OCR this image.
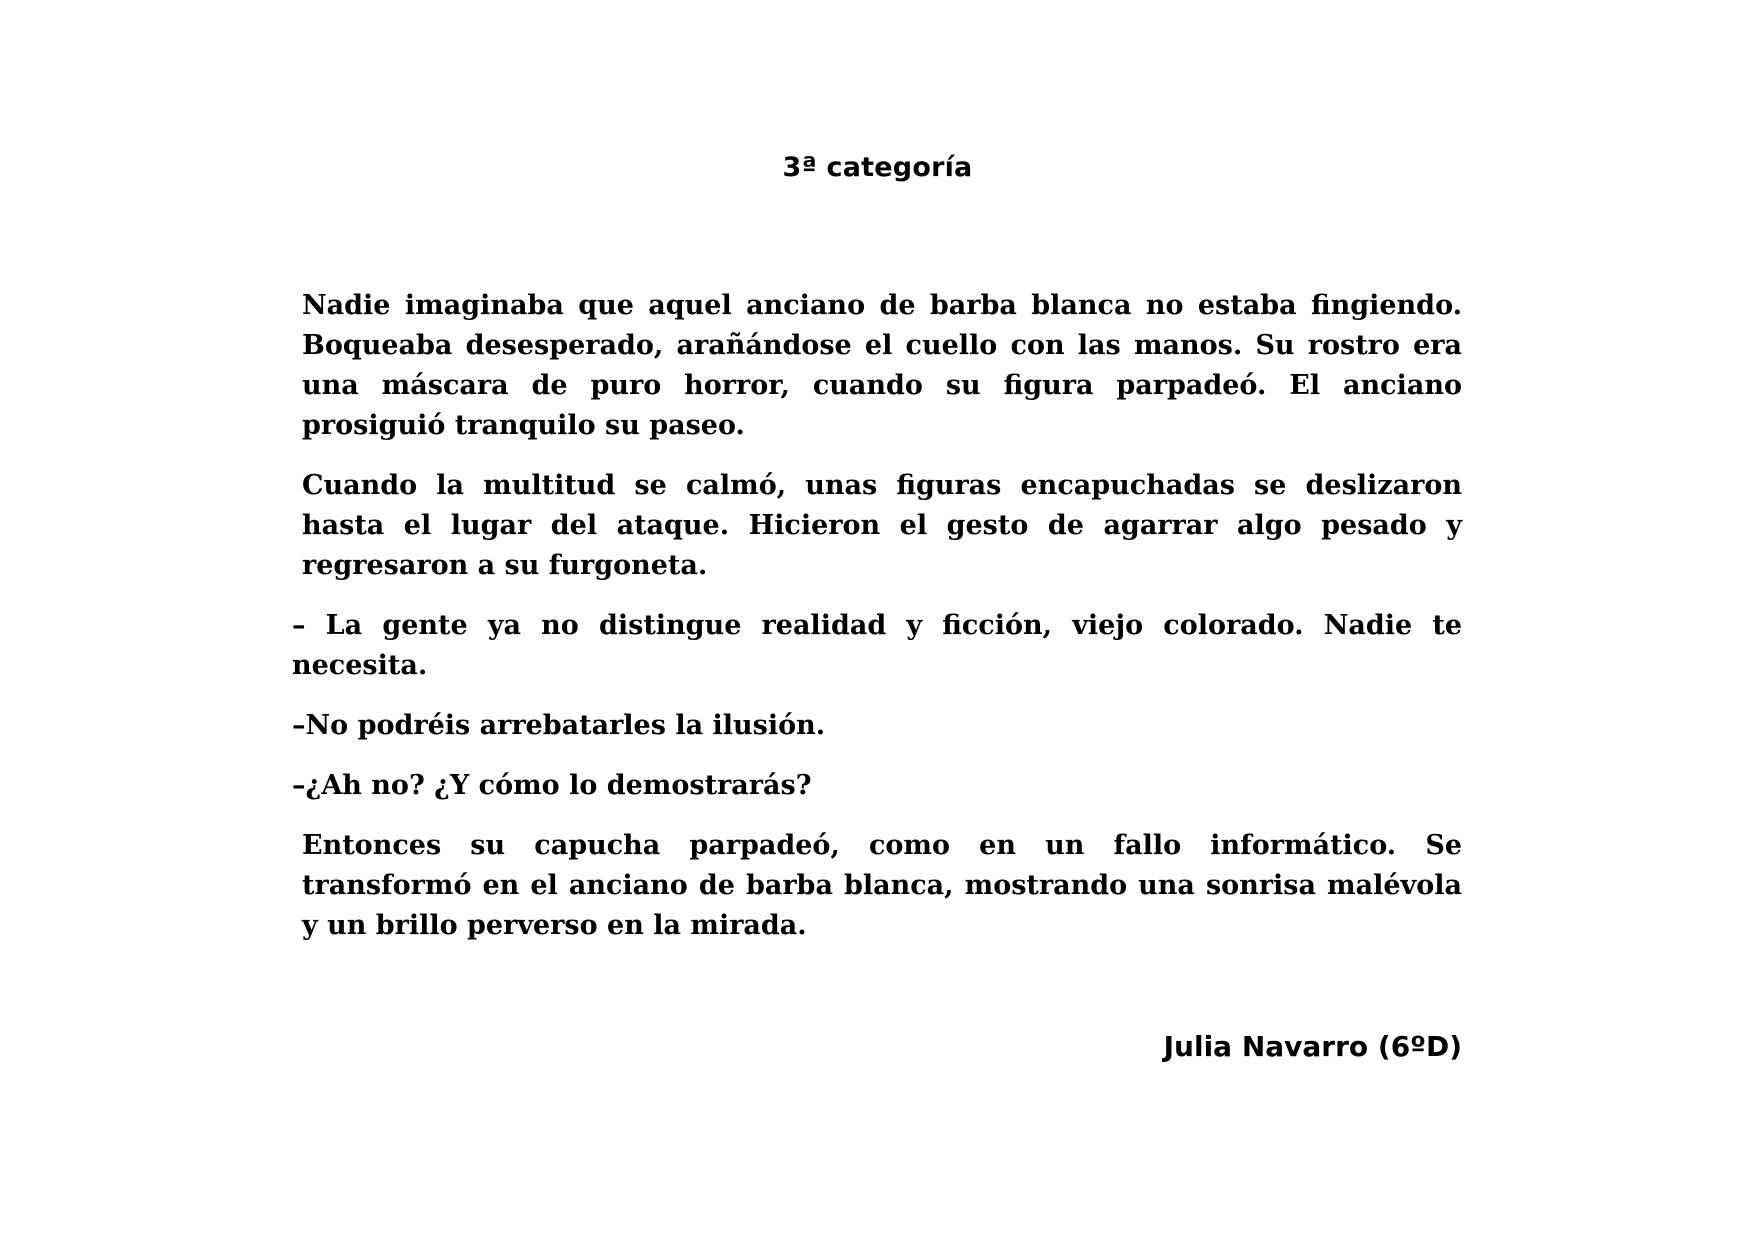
3ª categoría

Nadie imaginaba que aquel anciano de barba blanca no estaba fingiendo. Boqueaba desesperado, arañándose el cuello con las manos. Su rostro era una máscara de puro horror, cuando su figura parpadeó. El anciano prosiguió tranquilo su paseo.

Cuando la multitud se calmó, unas figuras encapuchadas se deslizaron hasta el lugar del ataque. Hicieron el gesto de agarrar algo pesado y regresaron a su furgoneta.

– La gente ya no distingue realidad y ficción, viejo colorado. Nadie te necesita.

–No podréis arrebatarles la ilusión.

–¿Ah no? ¿Y cómo lo demostrarás?

Entonces su capucha parpadeó, como en un fallo informático. Se transformó en el anciano de barba blanca, mostrando una sonrisa malévola y un brillo perverso en la mirada.

Julia Navarro (6ºD)
